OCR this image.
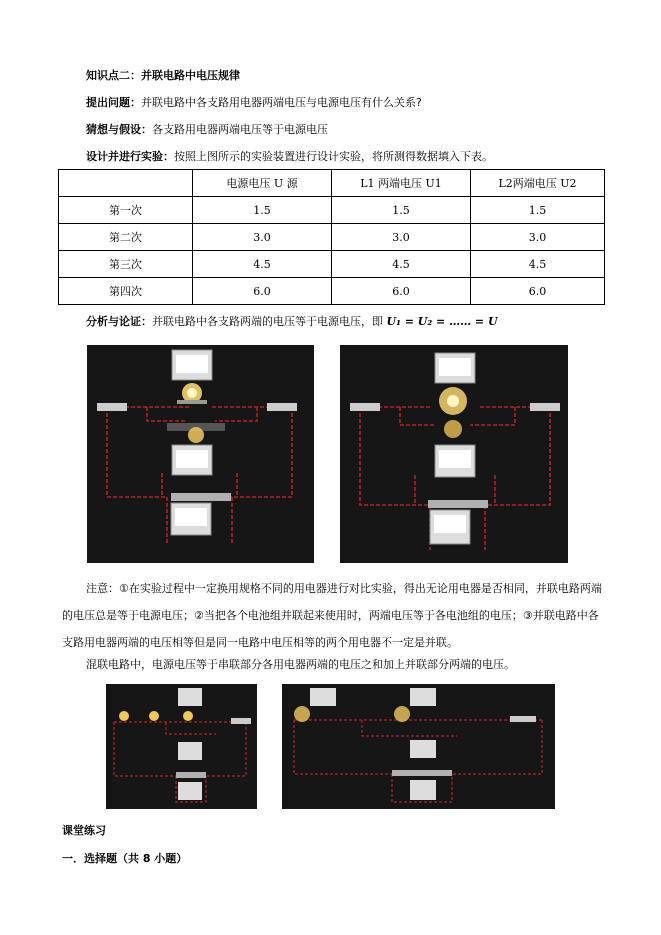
知识点二：并联电路中电压规律
提出问题：并联电路中各支路用电器两端电压与电源电压有什么关系?
猜想与假设：各支路用电器两端电压等于电源电压
设计并进行实验：按照上图所示的实验装置进行设计实验，将所测得数据填入下表。
	电源电压 U 源	L1 两端电压 U1	L2两端电压 U2
第一次	1.5	1.5	1.5
第二次	3.0	3.0	3.0
第三次	4.5	4.5	4.5
第四次	6.0	6.0	6.0
分析与论证：并联电路中各支路两端的电压等于电源电压，即 U₁ = U₂ = …… = U
注意：①在实验过程中一定换用规格不同的用电器进行对比实验，得出无论用电器是否相同，并联电路两端的电压总是等于电源电压；②当把各个电池组并联起来使用时，两端电压等于各电池组的电压；③并联电路中各支路用电器两端的电压相等但是同一电路中电压相等的两个用电器不一定是并联。
混联电路中，电源电压等于串联部分各用电器两端的电压之和加上并联部分两端的电压。
课堂练习
一．选择题（共 8 小题）
